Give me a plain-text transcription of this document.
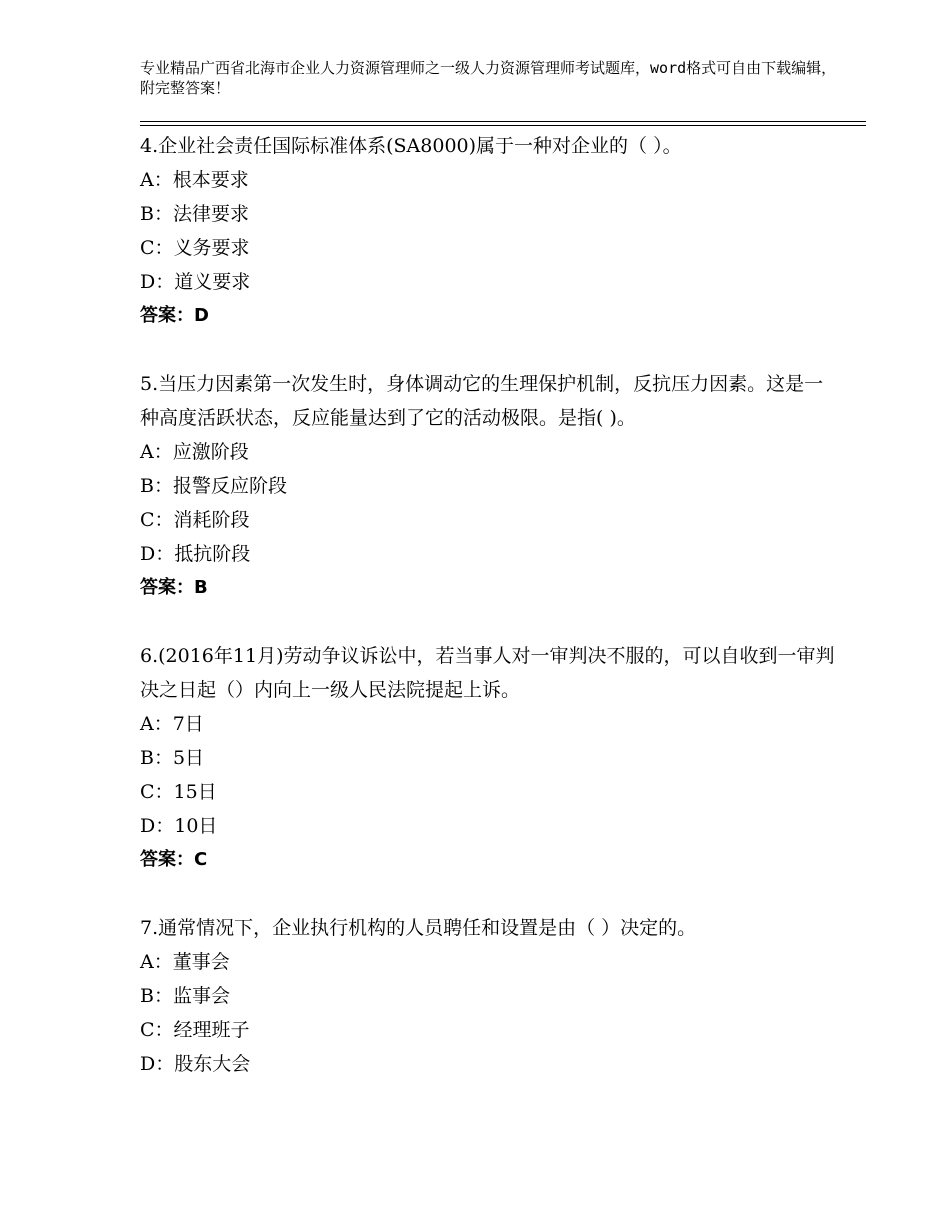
专业精品广西省北海市企业人力资源管理师之一级人力资源管理师考试题库，word格式可自由下载编辑，附完整答案！
4.企业社会责任国际标准体系(SA8000)属于一种对企业的（ ）。
A：根本要求
B：法律要求
C：义务要求
D：道义要求
答案：D
5.当压力因素第一次发生时，身体调动它的生理保护机制，反抗压力因素。这是一种高度活跃状态，反应能量达到了它的活动极限。是指( )。
A：应激阶段
B：报警反应阶段
C：消耗阶段
D：抵抗阶段
答案：B
6.(2016年11月)劳动争议诉讼中，若当事人对一审判决不服的，可以自收到一审判决之日起（）内向上一级人民法院提起上诉。
A：7日
B：5日
C：15日
D：10日
答案：C
7.通常情况下，企业执行机构的人员聘任和设置是由（ ）决定的。
A：董事会
B：监事会
C：经理班子
D：股东大会
